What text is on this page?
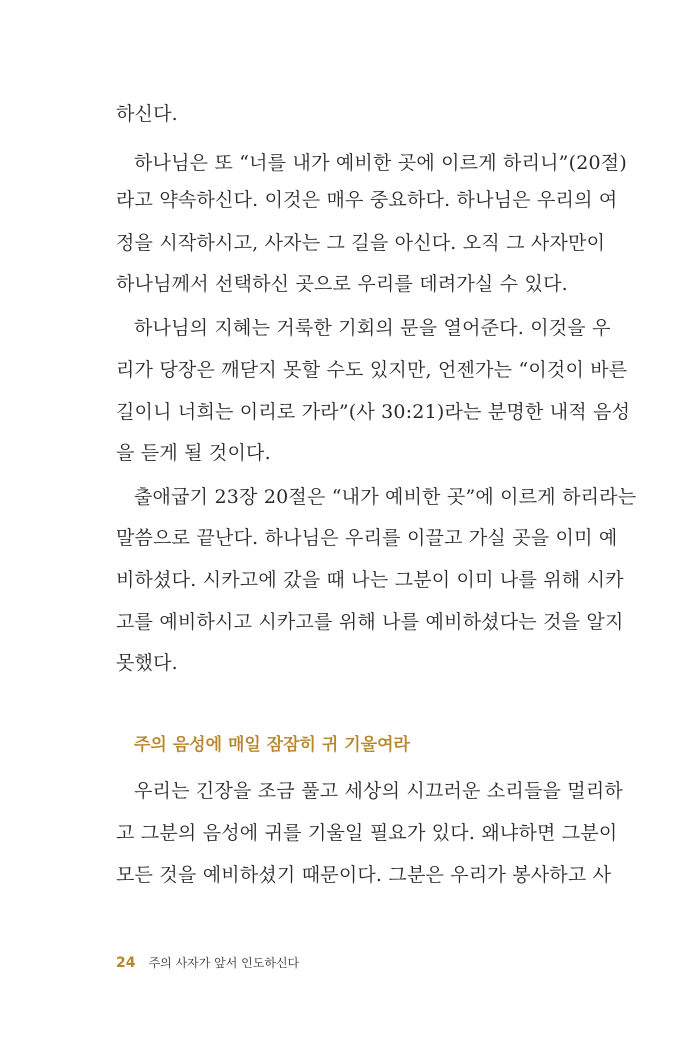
하신다.
하나님은 또 “너를 내가 예비한 곳에 이르게 하리니”(20절)
라고 약속하신다. 이것은 매우 중요하다. 하나님은 우리의 여
정을 시작하시고, 사자는 그 길을 아신다. 오직 그 사자만이
하나님께서 선택하신 곳으로 우리를 데려가실 수 있다.
하나님의 지혜는 거룩한 기회의 문을 열어준다. 이것을 우
리가 당장은 깨닫지 못할 수도 있지만, 언젠가는 “이것이 바른
길이니 너희는 이리로 가라”(사 30:21)라는 분명한 내적 음성
을 듣게 될 것이다.
출애굽기 23장 20절은 “내가 예비한 곳”에 이르게 하리라는
말씀으로 끝난다. 하나님은 우리를 이끌고 가실 곳을 이미 예
비하셨다. 시카고에 갔을 때 나는 그분이 이미 나를 위해 시카
고를 예비하시고 시카고를 위해 나를 예비하셨다는 것을 알지
못했다.
주의 음성에 매일 잠잠히 귀 기울여라
우리는 긴장을 조금 풀고 세상의 시끄러운 소리들을 멀리하
고 그분의 음성에 귀를 기울일 필요가 있다. 왜냐하면 그분이
모든 것을 예비하셨기 때문이다. 그분은 우리가 봉사하고 사
24 주의 사자가 앞서 인도하신다
